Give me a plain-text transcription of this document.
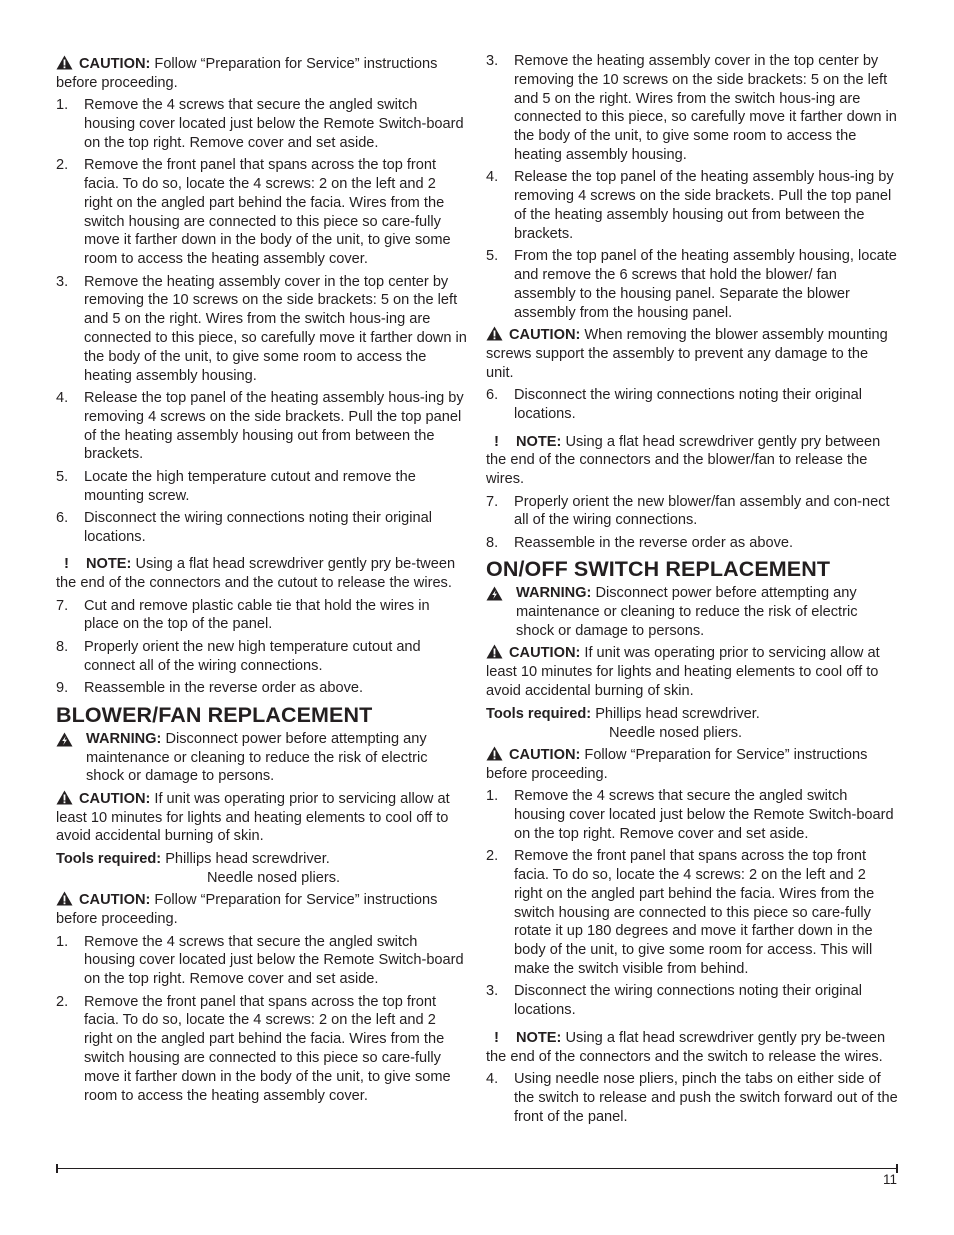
CAUTION: Follow “Preparation for Service” instructions before proceeding.

1. Remove the 4 screws that secure the angled switch housing cover located just below the Remote Switch-board on the top right. Remove cover and set aside.
2. Remove the front panel that spans across the top front facia. To do so, locate the 4 screws: 2 on the left and 2 right on the angled part behind the facia. Wires from the switch housing are connected to this piece so care-fully move it farther down in the body of the unit, to give some room to access the heating assembly cover.
3. Remove the heating assembly cover in the top center by removing the 10 screws on the side brackets: 5 on the left and 5 on the right. Wires from the switch hous-ing are connected to this piece, so carefully move it farther down in the body of the unit, to give some room to access the heating assembly housing.
4. Release the top panel of the heating assembly hous-ing by removing 4 screws on the side brackets. Pull the top panel of the heating assembly housing out from between the brackets.
5. Locate the high temperature cutout and remove the mounting screw.
6. Disconnect the wiring connections noting their original locations.

! NOTE: Using a flat head screwdriver gently pry be-tween the end of the connectors and the cutout to release the wires.

7. Cut and remove plastic cable tie that hold the wires in place on the top of the panel.
8. Properly orient the new high temperature cutout and connect all of the wiring connections.
9. Reassemble in the reverse order as above.
BLOWER/FAN REPLACEMENT
WARNING: Disconnect power before attempting any maintenance or cleaning to reduce the risk of electric shock or damage to persons.

CAUTION: If unit was operating prior to servicing allow at least 10 minutes for lights and heating elements to cool off to avoid accidental burning of skin.

Tools required: Phillips head screwdriver.
Needle nosed pliers.

CAUTION: Follow “Preparation for Service” instructions before proceeding.

1. Remove the 4 screws that secure the angled switch housing cover located just below the Remote Switch-board on the top right. Remove cover and set aside.
2. Remove the front panel that spans across the top front facia. To do so, locate the 4 screws: 2 on the left and 2 right on the angled part behind the facia. Wires from the switch housing are connected to this piece so care-fully move it farther down in the body of the unit, to give some room to access the heating assembly cover.
3. Remove the heating assembly cover in the top center by removing the 10 screws on the side brackets: 5 on the left and 5 on the right. Wires from the switch hous-ing are connected to this piece, so carefully move it farther down in the body of the unit, to give some room to access the heating assembly housing.
4. Release the top panel of the heating assembly hous-ing by removing 4 screws on the side brackets. Pull the top panel of the heating assembly housing out from between the brackets.
5. From the top panel of the heating assembly housing, locate and remove the 6 screws that hold the blower/ fan assembly to the housing panel. Separate the blower assembly from the housing panel.

CAUTION: When removing the blower assembly mounting screws support the assembly to prevent any damage to the unit.

6. Disconnect the wiring connections noting their original locations.

! NOTE: Using a flat head screwdriver gently pry between the end of the connectors and the blower/fan to release the wires.

7. Properly orient the new blower/fan assembly and con-nect all of the wiring connections.
8. Reassemble in the reverse order as above.
ON/OFF SWITCH REPLACEMENT
WARNING: Disconnect power before attempting any maintenance or cleaning to reduce the risk of electric shock or damage to persons.

CAUTION: If unit was operating prior to servicing allow at least 10 minutes for lights and heating elements to cool off to avoid accidental burning of skin.

Tools required: Phillips head screwdriver.
Needle nosed pliers.

CAUTION: Follow “Preparation for Service” instructions before proceeding.

1. Remove the 4 screws that secure the angled switch housing cover located just below the Remote Switch-board on the top right. Remove cover and set aside.
2. Remove the front panel that spans across the top front facia. To do so, locate the 4 screws: 2 on the left and 2 right on the angled part behind the facia. Wires from the switch housing are connected to this piece so care-fully rotate it up 180 degrees and move it farther down in the body of the unit, to give some room for access. This will make the switch visible from behind.
3. Disconnect the wiring connections noting their original locations.

! NOTE: Using a flat head screwdriver gently pry be-tween the end of the connectors and the switch to release the wires.

4. Using needle nose pliers, pinch the tabs on either side of the switch to release and push the switch forward out of the front of the panel.
11
